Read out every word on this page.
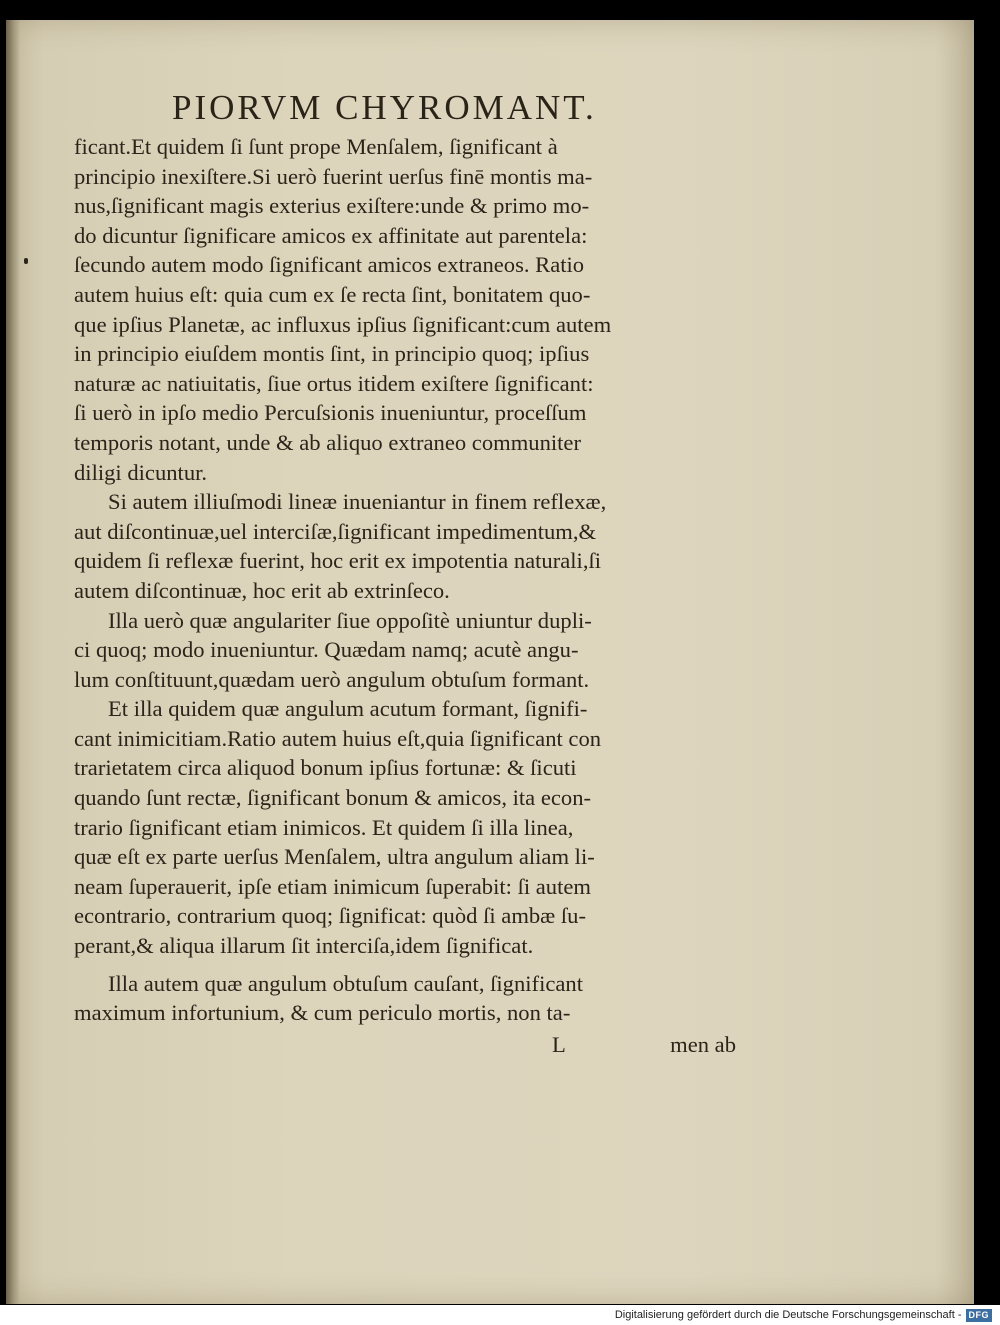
PIORVM CHYROMANT.
ficant.Et quidem ſi ſunt prope Menſalem, ſignificant à
principio inexiſtere.Si uerò fuerint uerſus finē montis ma-
nus,ſignificant magis exterius exiſtere:unde & primo mo-
do dicuntur ſignificare amicos ex affinitate aut parentela:
ſecundo autem modo ſignificant amicos extraneos. Ratio
autem huius eſt: quia cum ex ſe recta ſint, bonitatem quo-
que ipſius Planetæ, ac influxus ipſius ſignificant:cum autem
in principio eiuſdem montis ſint, in principio quoq; ipſius
naturæ ac natiuitatis, ſiue ortus itidem exiſtere ſignificant:
ſi uerò in ipſo medio Percuſsionis inueniuntur, proceſſum
temporis notant, unde & ab aliquo extraneo communiter
diligi dicuntur.
Si autem illiuſmodi lineæ inueniantur in finem reflexæ,
aut diſcontinuæ,uel interciſæ,ſignificant impedimentum,&
quidem ſi reflexæ fuerint, hoc erit ex impotentia naturali,ſi
autem diſcontinuæ, hoc erit ab extrinſeco.
Illa uerò quæ angulariter ſiue oppoſitè uniuntur dupli-
ci quoq; modo inueniuntur. Quædam namq; acutè angu-
lum conſtituunt,quædam uerò angulum obtuſum formant.
Et illa quidem quæ angulum acutum formant, ſignifi-
cant inimicitiam.Ratio autem huius eſt,quia ſignificant con
trarietatem circa aliquod bonum ipſius fortunæ: & ſicuti
quando ſunt rectæ, ſignificant bonum & amicos, ita econ-
trario ſignificant etiam inimicos. Et quidem ſi illa linea,
quæ eſt ex parte uerſus Menſalem, ultra angulum aliam li-
neam ſuperauerit, ipſe etiam inimicum ſuperabit: ſi autem
econtrario, contrarium quoq; ſignificat: quòd ſi ambæ ſu-
perant,& aliqua illarum ſit interciſa,idem ſignificat.
Illa autem quæ angulum obtuſum cauſant, ſignificant
maximum infortunium, & cum periculo mortis, non ta-
L	men ab
Digitalisierung gefördert durch die Deutsche Forschungsgemeinschaft - DFG
